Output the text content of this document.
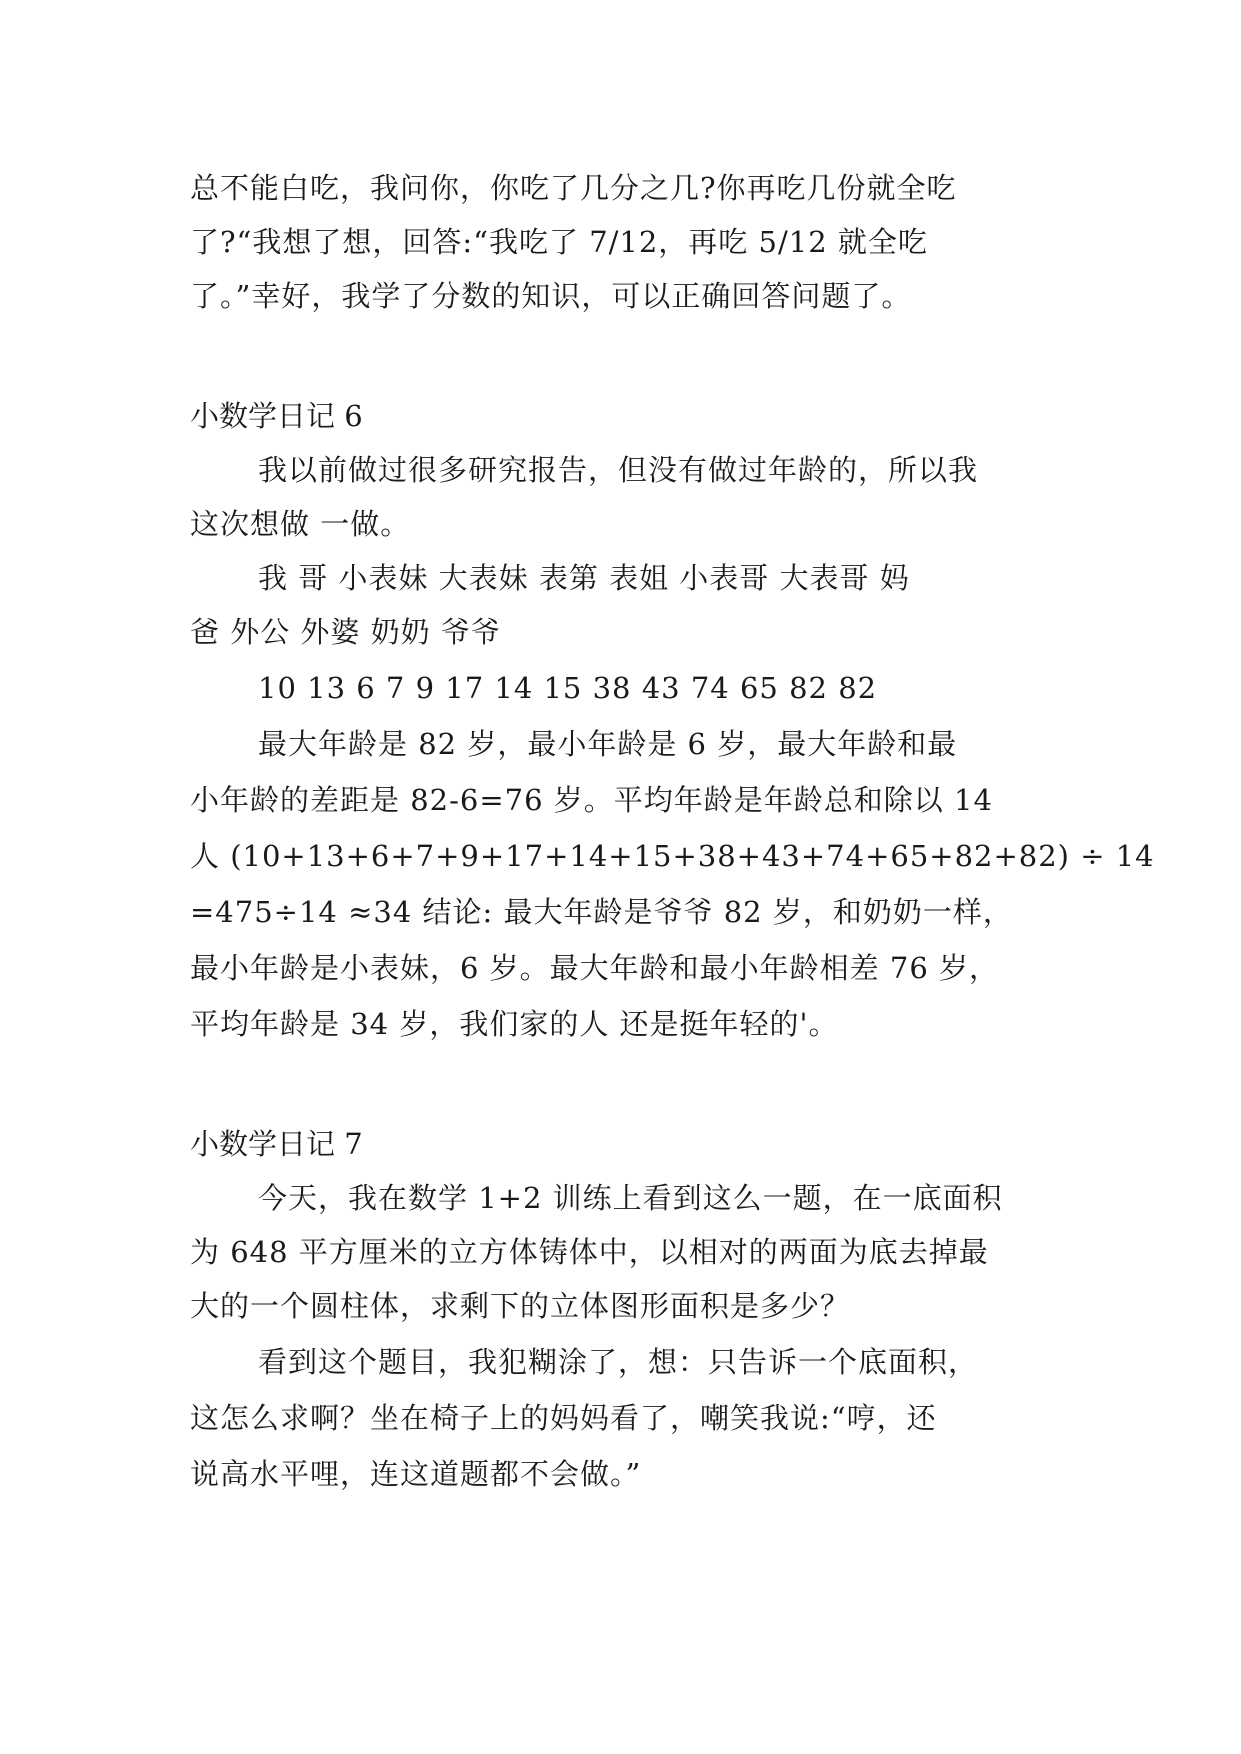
总不能白吃，我问你，你吃了几分之几?你再吃几份就全吃
了?“我想了想，回答:“我吃了 7/12，再吃 5/12 就全吃
了。”幸好，我学了分数的知识，可以正确回答问题了。
小数学日记 6
我以前做过很多研究报告，但没有做过年龄的，所以我
这次想做 一做。
我 哥 小表妹 大表妹 表第 表姐 小表哥 大表哥 妈
爸 外公 外婆 奶奶 爷爷
10 13 6 7 9 17 14 15 38 43 74 65 82 82
最大年龄是 82 岁，最小年龄是 6 岁，最大年龄和最
小年龄的差距是 82-6=76 岁。平均年龄是年龄总和除以 14
人 (10+13+6+7+9+17+14+15+38+43+74+65+82+82) ÷ 14
=475÷14 ≈34 结论: 最大年龄是爷爷 82 岁，和奶奶一样，
最小年龄是小表妹，6 岁。最大年龄和最小年龄相差 76 岁，
平均年龄是 34 岁，我们家的人 还是挺年轻的'。
小数学日记 7
今天，我在数学 1+2 训练上看到这么一题，在一底面积
为 648 平方厘米的立方体铸体中，以相对的两面为底去掉最
大的一个圆柱体，求剩下的立体图形面积是多少？
看到这个题目，我犯糊涂了，想：只告诉一个底面积，
这怎么求啊？坐在椅子上的妈妈看了，嘲笑我说:“哼，还
说高水平哩，连这道题都不会做。”
